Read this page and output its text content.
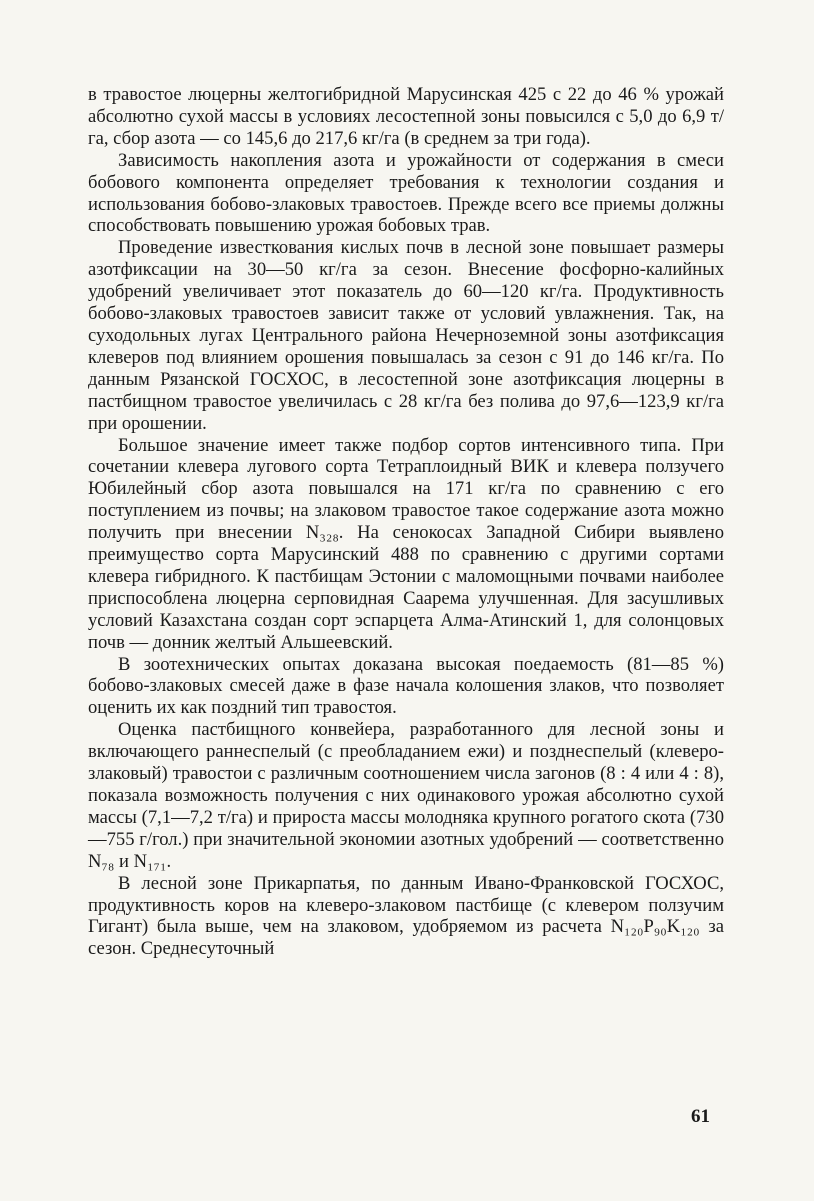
в травостое люцерны желтогибридной Марусинская 425 с 22 до 46 % урожай абсолютно сухой массы в условиях лесостепной зоны повысился с 5,0 до 6,9 т/га, сбор азота — со 145,6 до 217,6 кг/га (в среднем за три года).

Зависимость накопления азота и урожайности от содержания в смеси бобового компонента определяет требования к технологии создания и использования бобово-злаковых травостоев. Прежде всего все приемы должны способствовать повышению урожая бобовых трав.

Проведение известкования кислых почв в лесной зоне повышает размеры азотфиксации на 30—50 кг/га за сезон. Внесение фосфорно-калийных удобрений увеличивает этот показатель до 60—120 кг/га. Продуктивность бобово-злаковых травостоев зависит также от условий увлажнения. Так, на суходольных лугах Центрального района Нечерноземной зоны азотфиксация клеверов под влиянием орошения повышалась за сезон с 91 до 146 кг/га. По данным Рязанской ГОСХОС, в лесостепной зоне азотфиксация люцерны в пастбищном травостое увеличилась с 28 кг/га без полива до 97,6—123,9 кг/га при орошении.

Большое значение имеет также подбор сортов интенсивного типа. При сочетании клевера лугового сорта Тетраплоидный ВИК и клевера ползучего Юбилейный сбор азота повышался на 171 кг/га по сравнению с его поступлением из почвы; на злаковом травостое такое содержание азота можно получить при внесении N₃₂₈. На сенокосах Западной Сибири выявлено преимущество сорта Марусинский 488 по сравнению с другими сортами клевера гибридного. К пастбищам Эстонии с маломощными почвами наиболее приспособлена люцерна серповидная Саарема улучшенная. Для засушливых условий Казахстана создан сорт эспарцета Алма-Атинский 1, для солонцовых почв — донник желтый Альшеевский.

В зоотехнических опытах доказана высокая поедаемость (81—85 %) бобово-злаковых смесей даже в фазе начала колошения злаков, что позволяет оценить их как поздний тип травостоя.

Оценка пастбищного конвейера, разработанного для лесной зоны и включающего раннеспелый (с преобладанием ежи) и позднеспелый (клеверо-злаковый) травостои с различным соотношением числа загонов (8 : 4 или 4 : 8), показала возможность получения с них одинакового урожая абсолютно сухой массы (7,1—7,2 т/га) и прироста массы молодняка крупного рогатого скота (730—755 г/гол.) при значительной экономии азотных удобрений — соответственно N₇₈ и N₁₇₁.

В лесной зоне Прикарпатья, по данным Ивано-Франковской ГОСХОС, продуктивность коров на клеверо-злаковом пастбище (с клевером ползучим Гигант) была выше, чем на злаковом, удобряемом из расчета N₁₂₀P₉₀K₁₂₀ за сезон. Среднесуточный

61
